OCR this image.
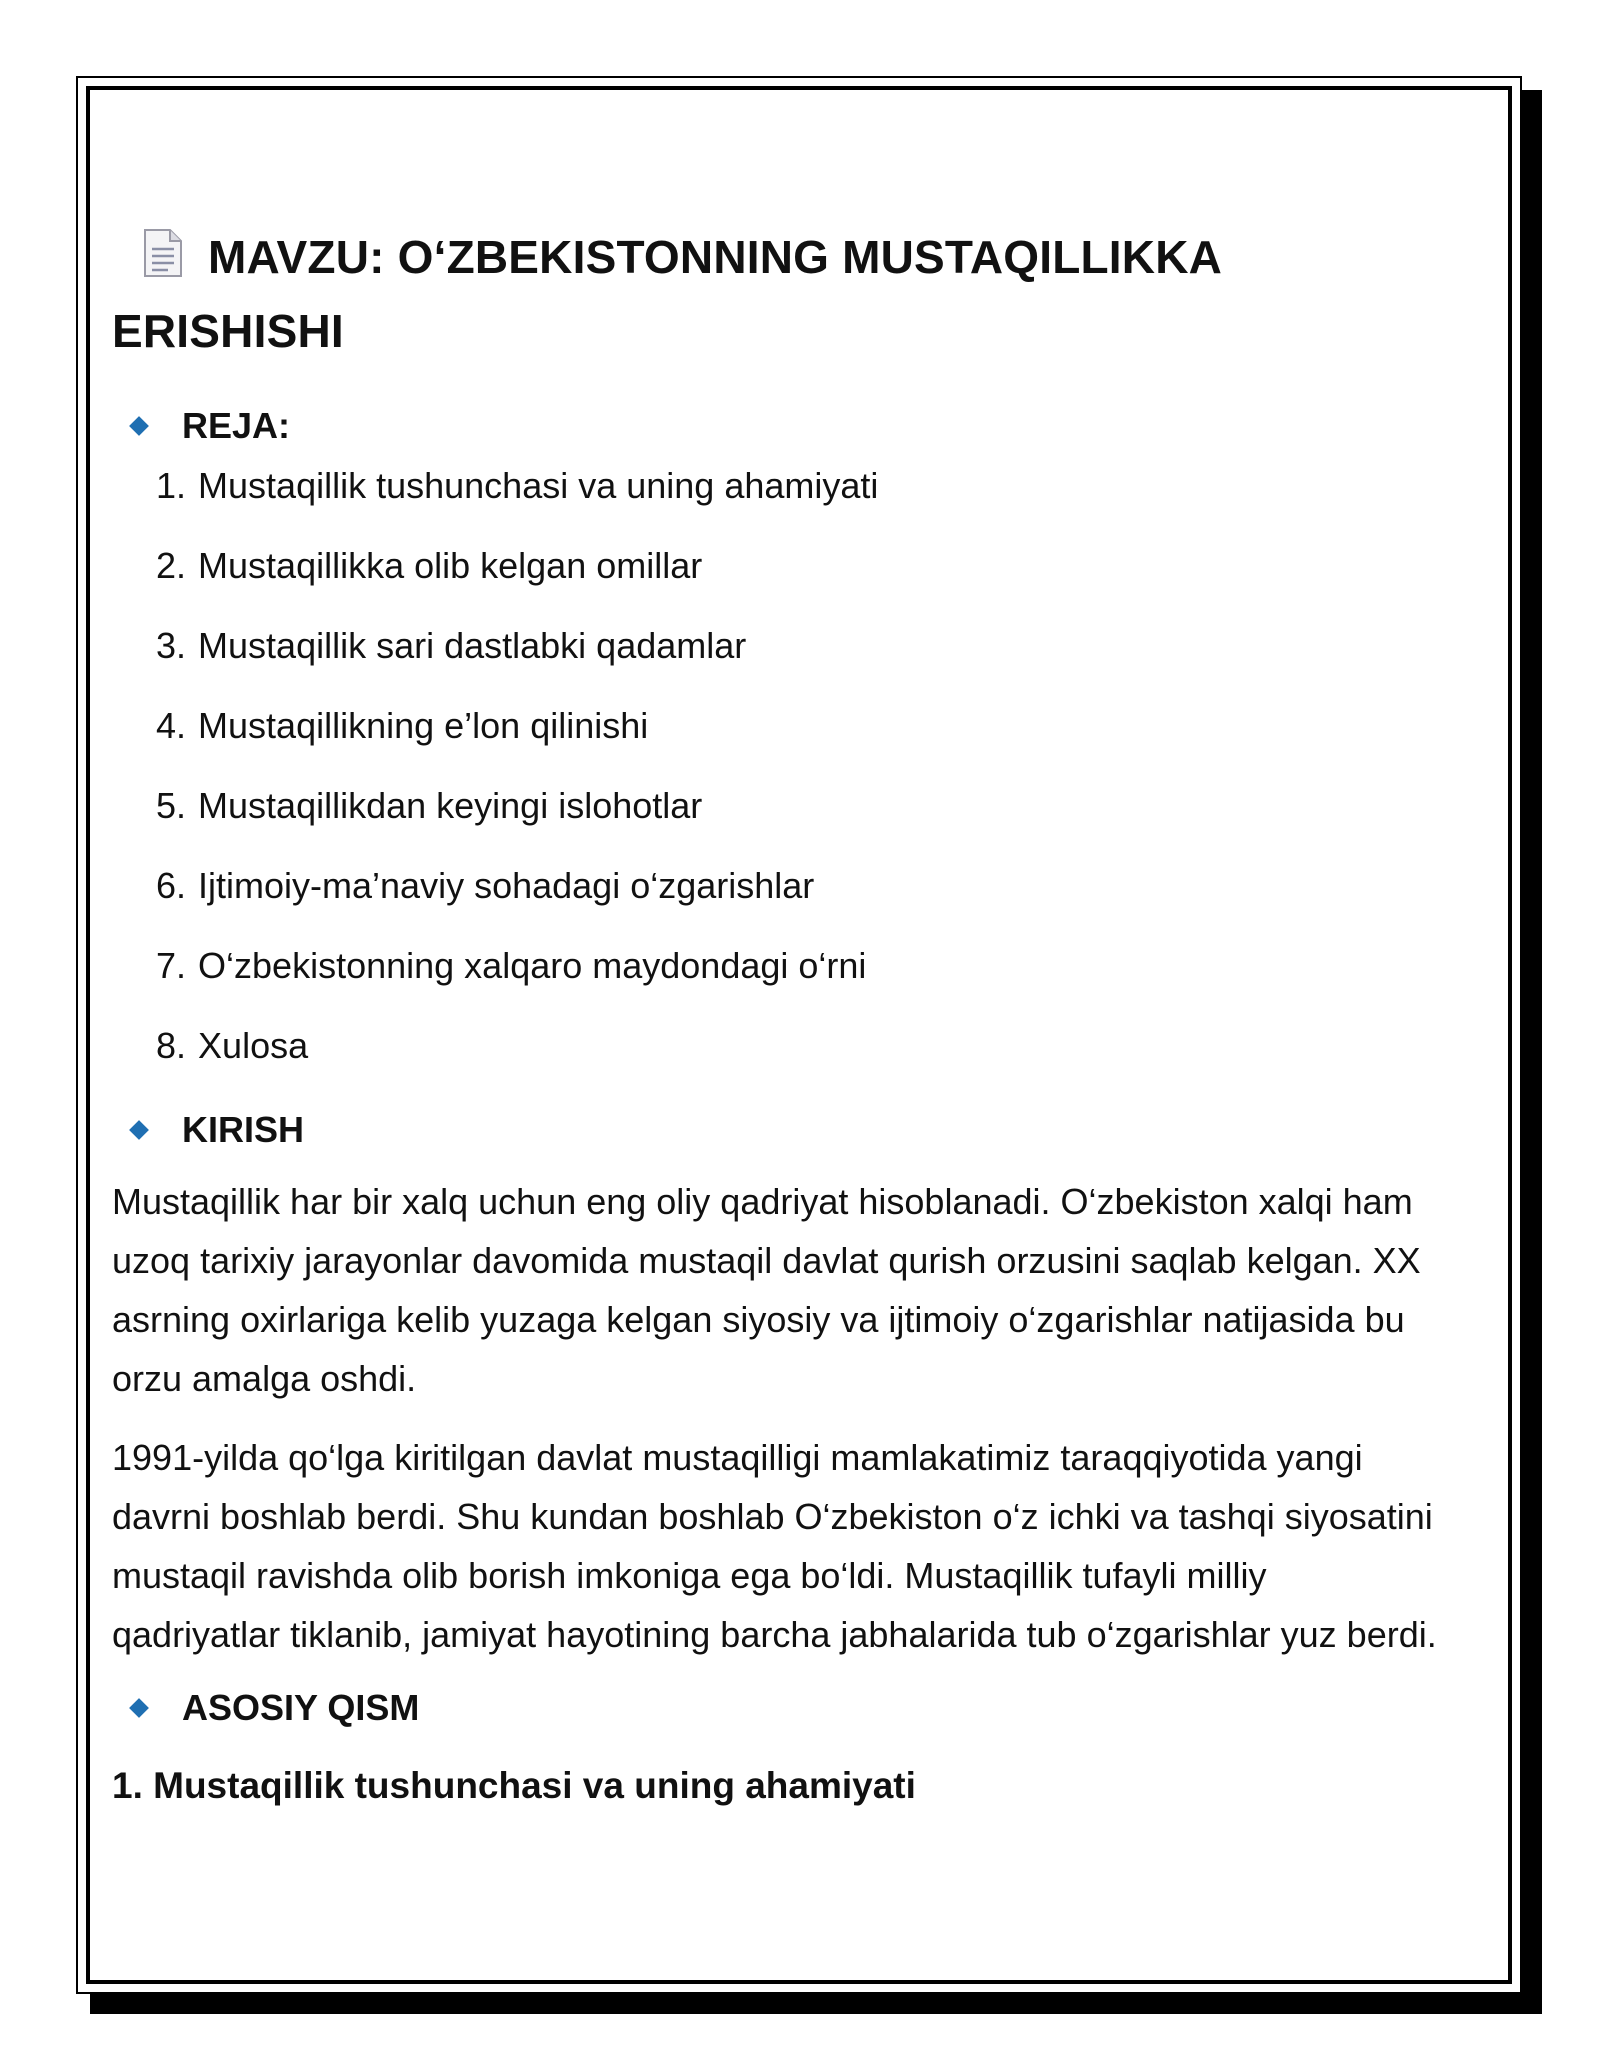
MAVZU: O‘ZBEKISTONNING MUSTAQILLIKKA ERISHISHI
REJA:
1. Mustaqillik tushunchasi va uning ahamiyati
2. Mustaqillikka olib kelgan omillar
3. Mustaqillik sari dastlabki qadamlar
4. Mustaqillikning e’lon qilinishi
5. Mustaqillikdan keyingi islohotlar
6. Ijtimoiy-ma’naviy sohadagi o‘zgarishlar
7. O‘zbekistonning xalqaro maydondagi o‘rni
8. Xulosa
KIRISH

Mustaqillik har bir xalq uchun eng oliy qadriyat hisoblanadi. O‘zbekiston xalqi ham uzoq tarixiy jarayonlar davomida mustaqil davlat qurish orzusini saqlab kelgan. XX asrning oxirlariga kelib yuzaga kelgan siyosiy va ijtimoiy o‘zgarishlar natijasida bu orzu amalga oshdi.

1991-yilda qo‘lga kiritilgan davlat mustaqilligi mamlakatimiz taraqqiyotida yangi davrni boshlab berdi. Shu kundan boshlab O‘zbekiston o‘z ichki va tashqi siyosatini mustaqil ravishda olib borish imkoniga ega bo‘ldi. Mustaqillik tufayli milliy qadriyatlar tiklanib, jamiyat hayotining barcha jabhalarida tub o‘zgarishlar yuz berdi.

ASOSIY QISM
1. Mustaqillik tushunchasi va uning ahamiyati
